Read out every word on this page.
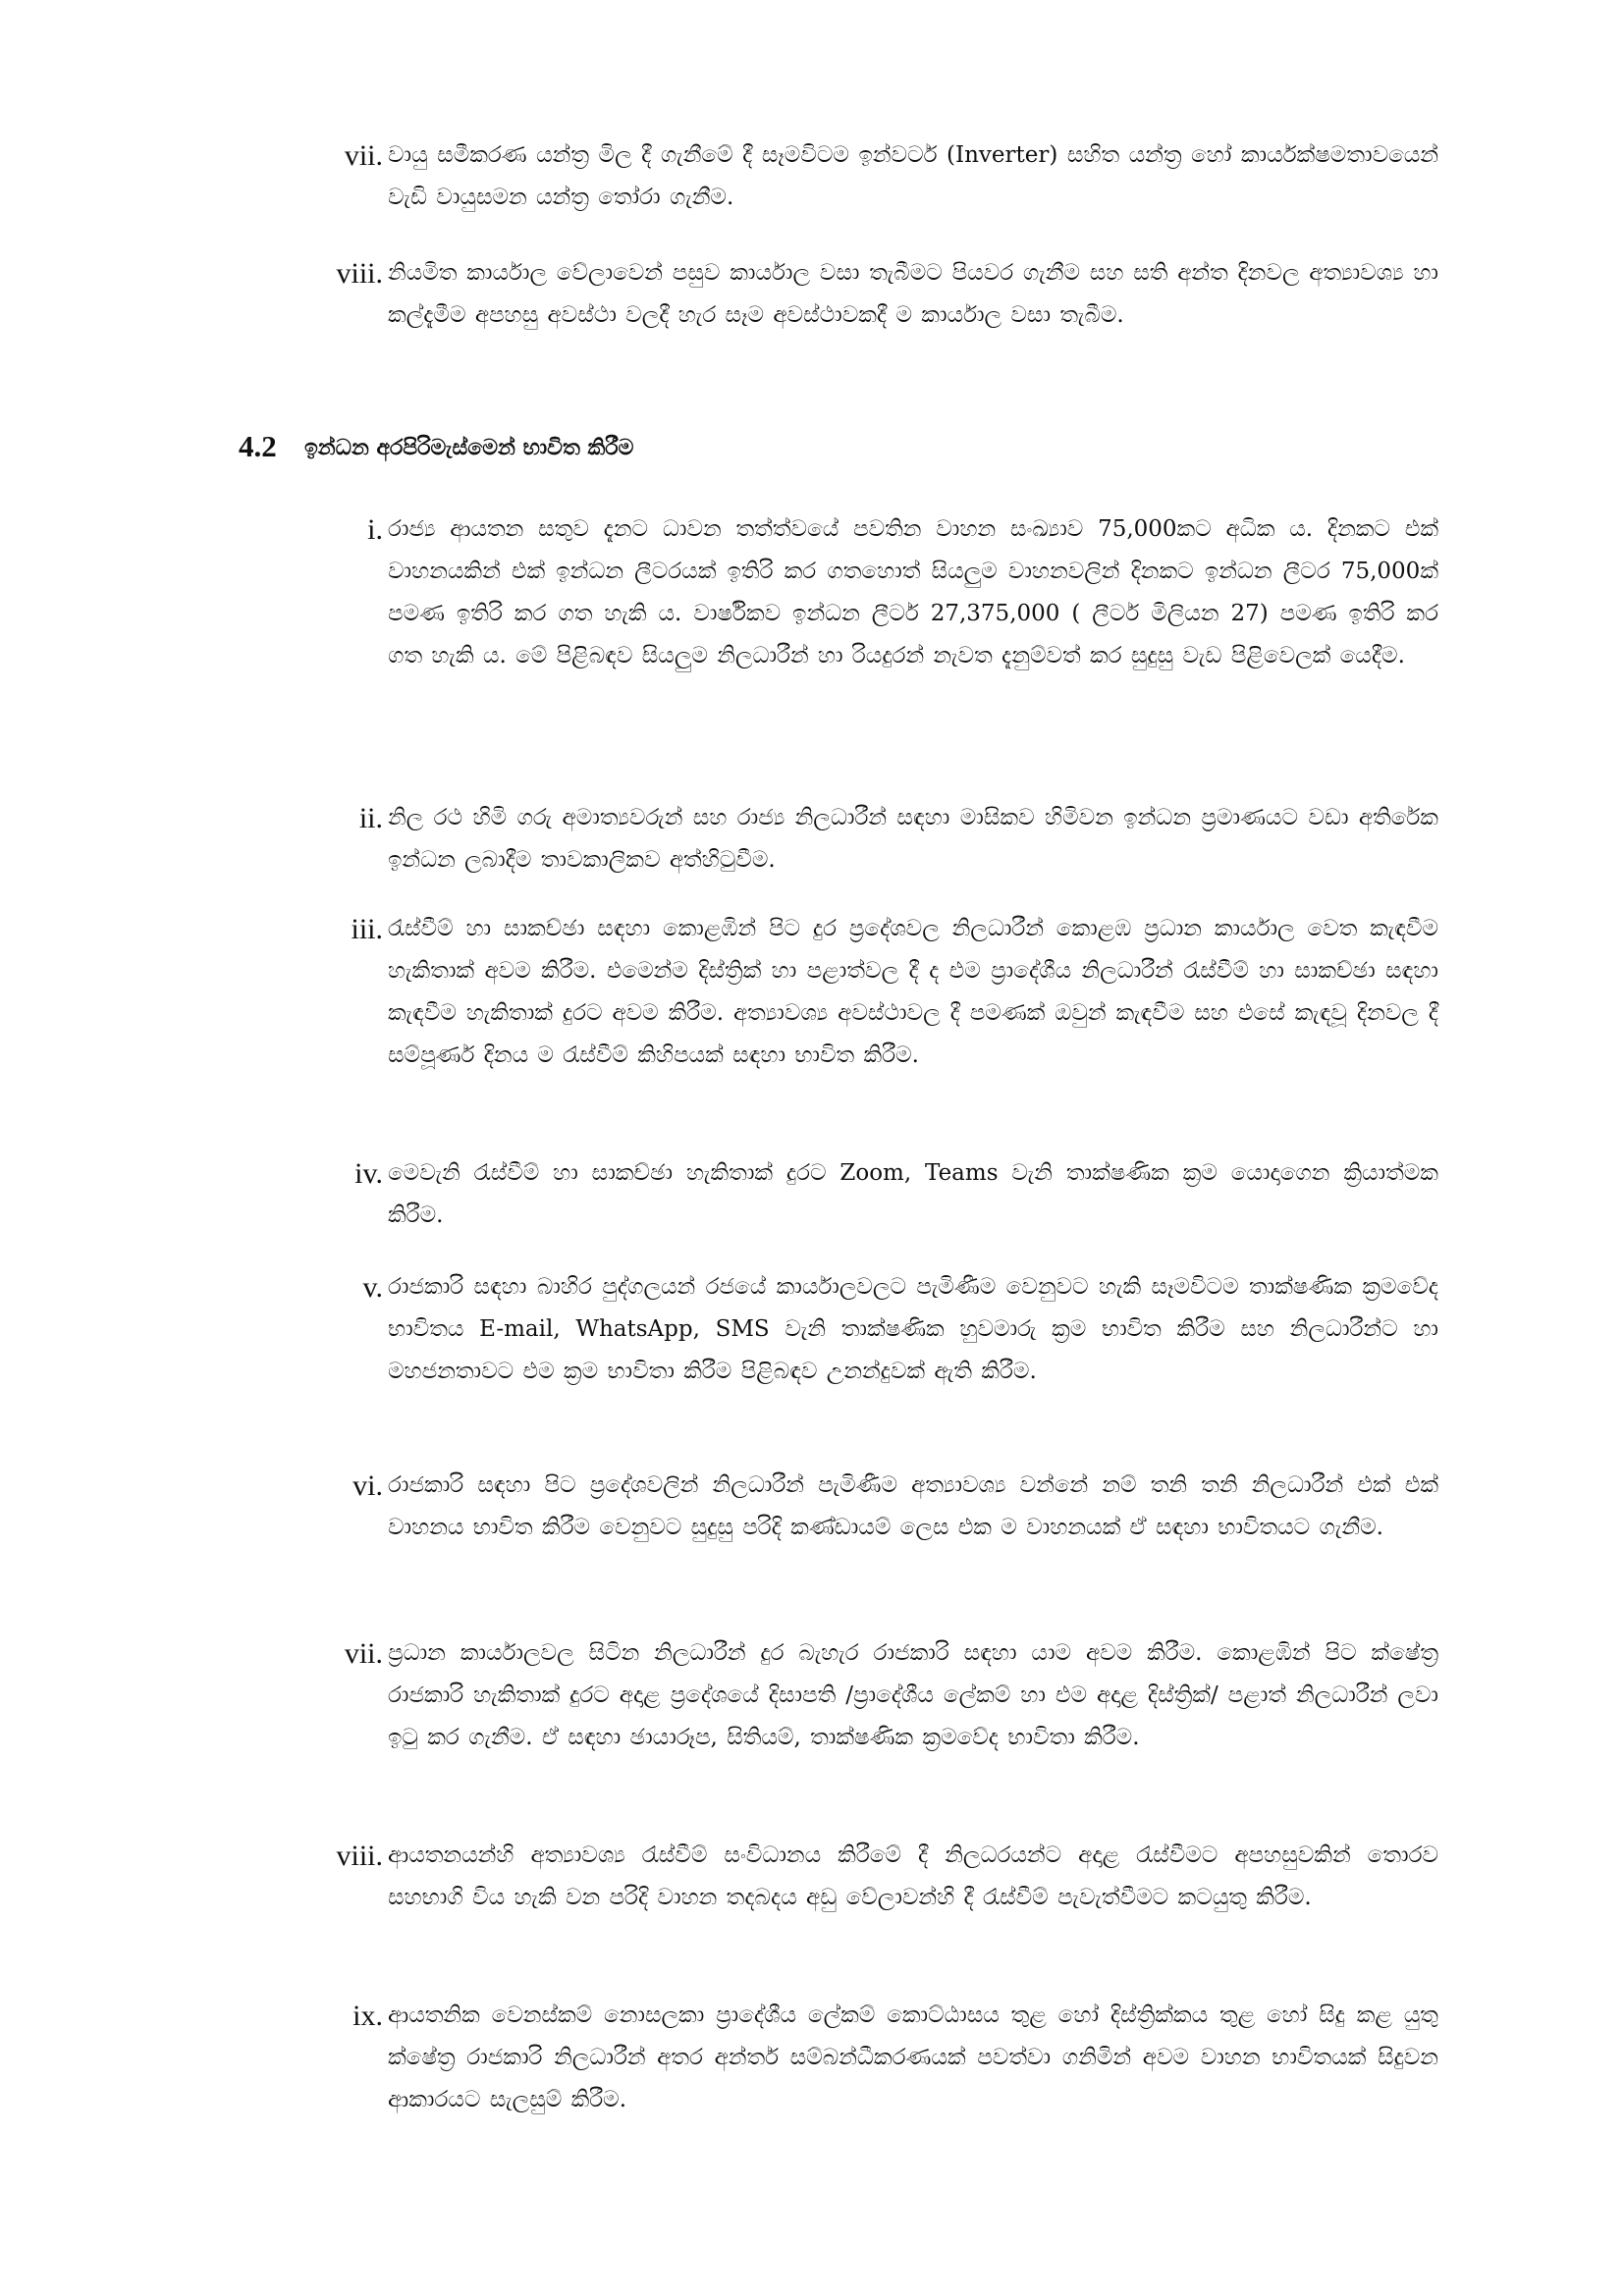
vii. වායු සමීකරණ යන්ත්‍ර මිල දී ගැනීමේ දී සෑමවිටම ඉන්වටර් (Inverter) සහිත යන්ත්‍ර හෝ කාර්යක්ෂමතාවයෙන් වැඩි වායුසමන යන්ත්‍ර තෝරා ගැනීම.
viii. නියමිත කාර්යාල වේලාවෙන් පසුව කාර්යාල වසා තැබීමට පියවර ගැනීම සහ සති අන්ත දිනවල අත්‍යාවශ්‍ය හා කල්දැමීම අපහසු අවස්ථා වලදී හැර සෑම අවස්ථාවකදී ම කාර්යාල වසා තැබීම.
4.2 ඉන්ධන අරපිරිමැස්මෙන් භාවිත කිරීම
i. රාජ්‍ය ආයතන සතුව දැනට ධාවන තත්ත්වයේ පවතින වාහන සංඛ්‍යාව 75,000කට අධික ය. දිනකට එක් වාහනයකින් එක් ඉන්ධන ලීටරයක් ඉතිරි කර ගතහොත් සියලුම වාහනවලින් දිනකට ඉන්ධන ලීටර 75,000ක් පමණ ඉතිරි කර ගත හැකි ය. වාර්ෂිකව ඉන්ධන ලීටර් 27,375,000 ( ලීටර් මිලියන 27) පමණ ඉතිරි කර ගත හැකි ය. මේ පිළිබඳව සියලුම නිලධාරීන් හා රියදුරන් නැවත දැනුම්වත් කර සුදුසු වැඩ පිළිවෙලක් යෙදීම.
ii. නිල රථ හිමි ගරු අමාත්‍යවරුන් සහ රාජ්‍ය නිලධාරීන් සඳහා මාසිකව හිමිවන ඉන්ධන ප්‍රමාණයට වඩා අතිරේක ඉන්ධන ලබාදීම තාවකාලිකව අත්හිටුවීම.
iii. රැස්වීම් හා සාකච්ඡා සඳහා කොළඹින් පිට දුර ප්‍රදේශවල නිලධාරීන් කොළඹ ප්‍රධාන කාර්යාල වෙත කැඳවීම හැකිතාක් අවම කිරීම. එමෙන්ම දිස්ත්‍රික් හා පළාත්වල දී ද එම ප්‍රාදේශීය නිලධාරීන් රැස්වීම් හා සාකච්ඡා සඳහා කැඳවීම හැකිතාක් දුරට අවම කිරීම. අත්‍යාවශ්‍ය අවස්ථාවල දී පමණක් ඔවුන් කැඳවීම සහ එසේ කැඳවූ දිනවල දී සම්පූර්ණ දිනය ම රැස්වීම් කිහිපයක් සඳහා භාවිත කිරීම.
iv. මෙවැනි රැස්වීම් හා සාකච්ඡා හැකිතාක් දුරට Zoom, Teams වැනි තාක්ෂණික ක්‍රම යොදාගෙන ක්‍රියාත්මක කිරීම.
v. රාජකාරි සඳහා බාහිර පුද්ගලයන් රජයේ කාර්යාලවලට පැමිණීම වෙනුවට හැකි සෑමවිටම තාක්ෂණික ක්‍රමවේද භාවිතය E-mail, WhatsApp, SMS වැනි තාක්ෂණික හුවමාරු ක්‍රම භාවිත කිරීම සහ නිලධාරීන්ට හා මහජනතාවට එම ක්‍රම භාවිතා කිරීම පිළිබඳව උනන්දුවක් ඇති කිරීම.
vi. රාජකාරි සඳහා පිට ප්‍රදේශවලින් නිලධාරීන් පැමිණීම අත්‍යාවශ්‍ය වන්නේ නම් තනි තනි නිලධාරීන් එක් එක් වාහනය භාවිත කිරීම වෙනුවට සුදුසු පරිදි කණ්ඩායම් ලෙස එක ම වාහනයක් ඒ සඳහා භාවිතයට ගැනීම.
vii. ප්‍රධාන කාර්යාලවල සිටින නිලධාරීන් දුර බැහැර රාජකාරි සඳහා යාම අවම කිරීම. කොළඹින් පිට ක්ෂේත්‍ර රාජකාරි හැකිතාක් දුරට අදාළ ප්‍රදේශයේ දිසාපති /ප්‍රාදේශීය ලේකම් හා එම අදාළ දිස්ත්‍රික්/ පළාත් නිලධාරීන් ලවා ඉටු කර ගැනීම. ඒ සඳහා ඡායාරූප, සිතියම්, තාක්ෂණික ක්‍රමවේද භාවිතා කිරීම.
viii. ආයතනයන්හි අත්‍යාවශ්‍ය රැස්වීම් සංවිධානය කිරීමේ දී නිලධරයන්ට අදාළ රැස්වීමට අපහසුවකින් තොරව සහභාගි විය හැකි වන පරිදි වාහන තදබදය අඩු වේලාවන්හි දී රැස්වීම් පැවැත්වීමට කටයුතු කිරීම.
ix. ආයතනික වෙනස්කම් නොසලකා ප්‍රාදේශීය ලේකම් කොට්ඨාසය තුළ හෝ දිස්ත්‍රික්කය තුළ හෝ සිදු කළ යුතු ක්ෂේත්‍ර රාජකාරි නිලධාරීන් අතර අන්තර් සම්බන්ධීකරණයක් පවත්වා ගනිමින් අවම වාහන භාවිතයක් සිදුවන ආකාරයට සැලසුම් කිරීම.
